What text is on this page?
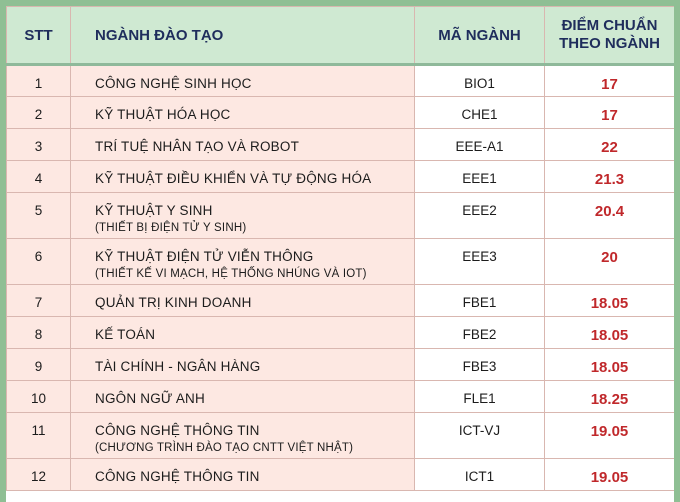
STT	NGÀNH ĐÀO TẠO	MÃ NGÀNH	ĐIỂM CHUẨN
THEO NGÀNH
1	CÔNG NGHỆ SINH HỌC	BIO1	17
2	KỸ THUẬT HÓA HỌC	CHE1	17
3	TRÍ TUỆ NHÂN TẠO VÀ ROBOT	EEE-A1	22
4	KỸ THUẬT ĐIỀU KHIỂN VÀ TỰ ĐỘNG HÓA	EEE1	21.3
5	KỸ THUẬT Y SINH
(THIẾT BỊ ĐIỆN TỬ Y SINH)	EEE2	20.4
6	KỸ THUẬT ĐIỆN TỬ VIỄN THÔNG
(THIẾT KẾ VI MẠCH, HỆ THỐNG NHÚNG VÀ IOT)	EEE3	20
7	QUẢN TRỊ KINH DOANH	FBE1	18.05
8	KẾ TOÁN	FBE2	18.05
9	TÀI CHÍNH - NGÂN HÀNG	FBE3	18.05
10	NGÔN NGỮ ANH	FLE1	18.25
11	CÔNG NGHỆ THÔNG TIN
(CHƯƠNG TRÌNH ĐÀO TẠO CNTT VIỆT NHẬT)	ICT-VJ	19.05
12	CÔNG NGHỆ THÔNG TIN	ICT1	19.05
